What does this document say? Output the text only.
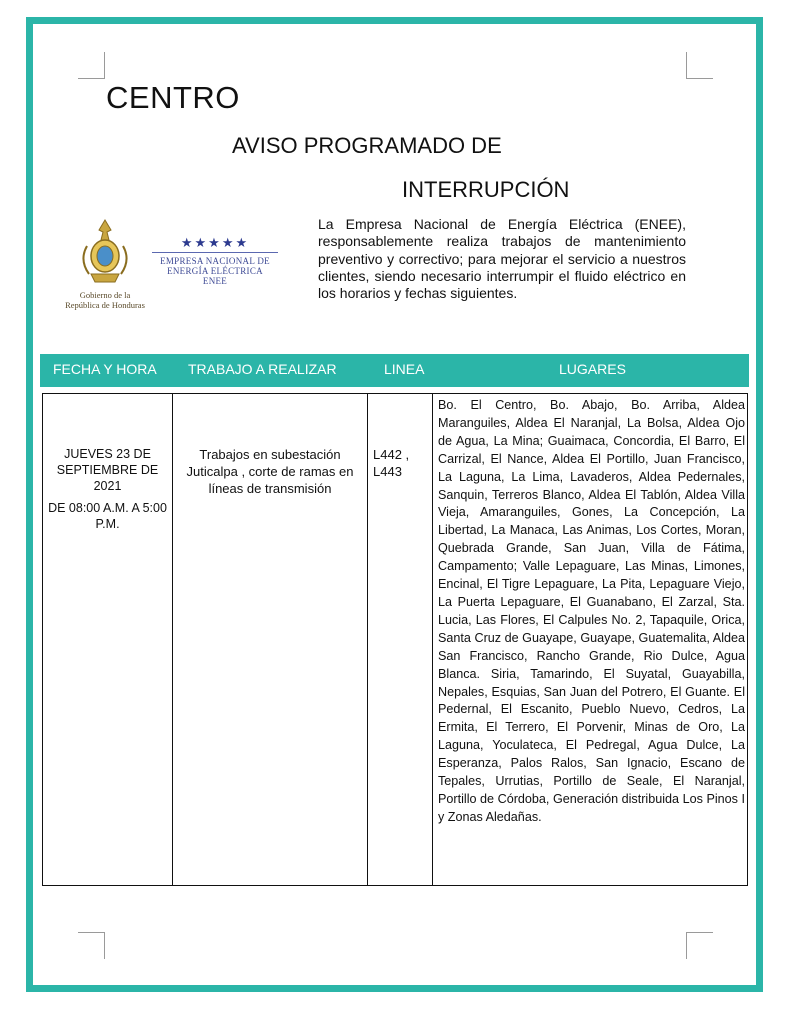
CENTRO
AVISO PROGRAMADO DE
INTERRUPCIÓN
Gobierno de la
República de Honduras
★★★★★
EMPRESA NACIONAL DE
ENERGÍA ELÉCTRICA
ENEE

La Empresa Nacional de Energía Eléctrica (ENEE), responsablemente realiza trabajos de mantenimiento preventivo y correctivo; para mejorar el servicio a nuestros clientes, siendo necesario interrumpir el fluido eléctrico en los horarios y fechas siguientes.

FECHA Y HORA TRABAJO A REALIZAR	LINEA	LUGARES

JUEVES 23 DE SEPTIEMBRE DE 2021

DE 08:00 A.M. A 5:00 P.M.

Trabajos en subestación Juticalpa , corte de ramas en líneas de transmisión

L442 , L443

Bo. El Centro, Bo. Abajo, Bo. Arriba, Aldea Maranguiles, Aldea El Naranjal, La Bolsa, Aldea Ojo de Agua, La Mina; Guaimaca, Concordia, El Barro, El Carrizal, El Nance, Aldea El Portillo, Juan Francisco, La Laguna, La Lima, Lavaderos, Aldea Pedernales, Sanquin, Terreros Blanco, Aldea El Tablón, Aldea Villa Vieja, Amaranguiles, Gones, La Concepción, La Libertad, La Manaca, Las Animas, Los Cortes, Moran, Quebrada Grande, San Juan, Villa de Fátima, Campamento; Valle Lepaguare, Las Minas, Limones, Encinal, El Tigre Lepaguare, La Pita, Lepaguare Viejo, La Puerta Lepaguare, El Guanabano, El Zarzal, Sta. Lucia, Las Flores, El Calpules No. 2, Tapaquile, Orica, Santa Cruz de Guayape, Guayape, Guatemalita, Aldea San Francisco, Rancho Grande, Rio Dulce, Agua Blanca. Siria, Tamarindo, El Suyatal, Guayabilla, Nepales, Esquias, San Juan del Potrero, El Guante. El Pedernal, El Escanito, Pueblo Nuevo, Cedros, La Ermita, El Terrero, El Porvenir, Minas de Oro, La Laguna, Yoculateca, El Pedregal, Agua Dulce, La Esperanza, Palos Ralos, San Ignacio, Escano de Tepales, Urrutias, Portillo de Seale, El Naranjal, Portillo de Córdoba, Generación distribuida Los Pinos I y Zonas Aledañas.
